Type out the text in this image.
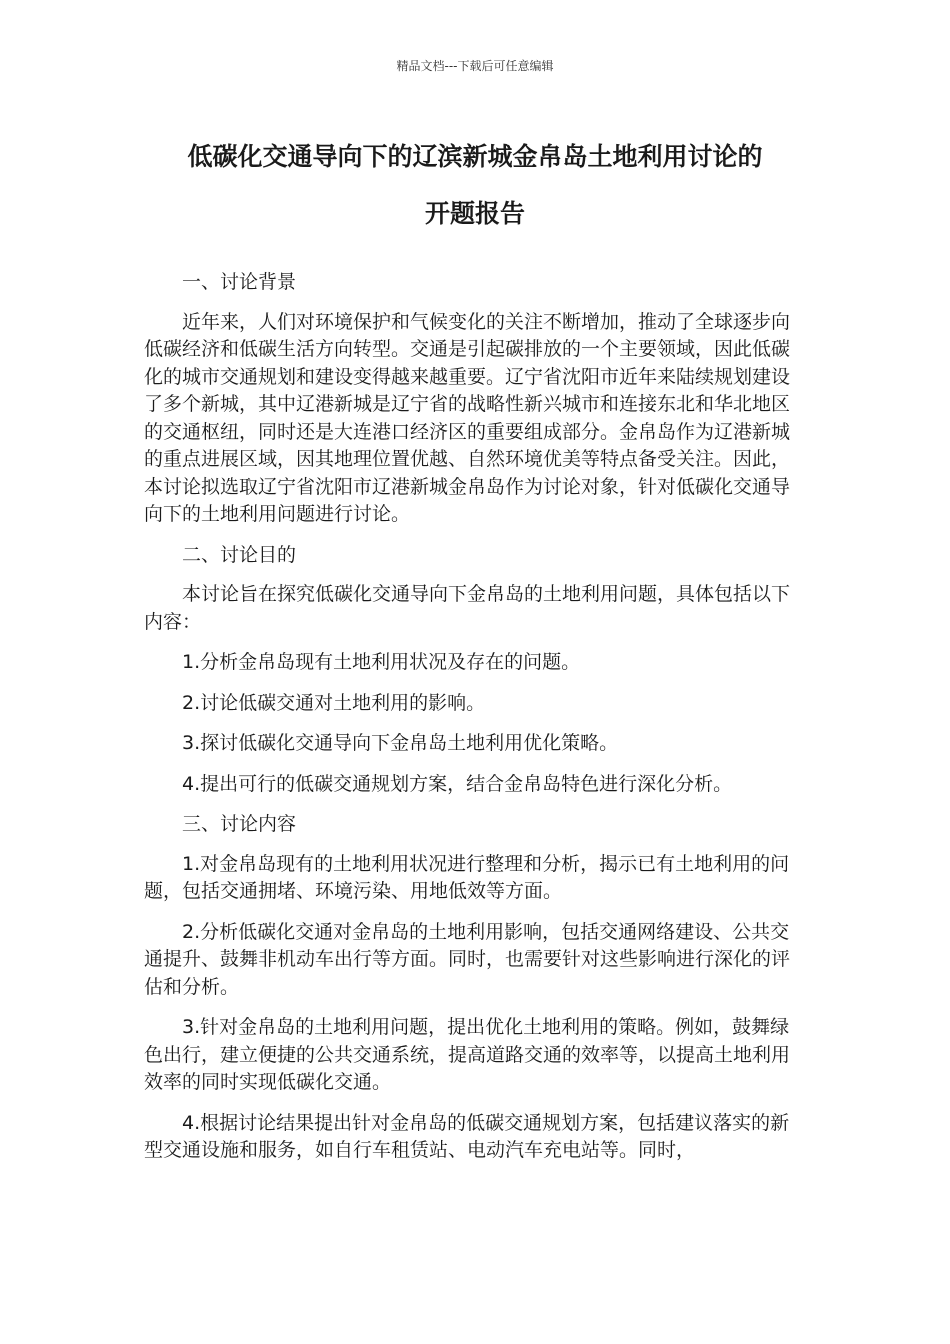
精品文档---下载后可任意编辑
低碳化交通导向下的辽滨新城金帛岛土地利用讨论的
开题报告

一、讨论背景

近年来，人们对环境保护和气候变化的关注不断增加，推动了全球逐步向低碳经济和低碳生活方向转型。交通是引起碳排放的一个主要领域，因此低碳化的城市交通规划和建设变得越来越重要。辽宁省沈阳市近年来陆续规划建设了多个新城，其中辽港新城是辽宁省的战略性新兴城市和连接东北和华北地区的交通枢纽，同时还是大连港口经济区的重要组成部分。金帛岛作为辽港新城的重点进展区域，因其地理位置优越、自然环境优美等特点备受关注。因此，本讨论拟选取辽宁省沈阳市辽港新城金帛岛作为讨论对象，针对低碳化交通导向下的土地利用问题进行讨论。

二、讨论目的

本讨论旨在探究低碳化交通导向下金帛岛的土地利用问题，具体包括以下内容：

1.分析金帛岛现有土地利用状况及存在的问题。

2.讨论低碳交通对土地利用的影响。

3.探讨低碳化交通导向下金帛岛土地利用优化策略。

4.提出可行的低碳交通规划方案，结合金帛岛特色进行深化分析。

三、讨论内容

1.对金帛岛现有的土地利用状况进行整理和分析，揭示已有土地利用的问题，包括交通拥堵、环境污染、用地低效等方面。

2.分析低碳化交通对金帛岛的土地利用影响，包括交通网络建设、公共交通提升、鼓舞非机动车出行等方面。同时，也需要针对这些影响进行深化的评估和分析。

3.针对金帛岛的土地利用问题，提出优化土地利用的策略。例如，鼓舞绿色出行，建立便捷的公共交通系统，提高道路交通的效率等，以提高土地利用效率的同时实现低碳化交通。

4.根据讨论结果提出针对金帛岛的低碳交通规划方案，包括建议落实的新型交通设施和服务，如自行车租赁站、电动汽车充电站等。同时，
